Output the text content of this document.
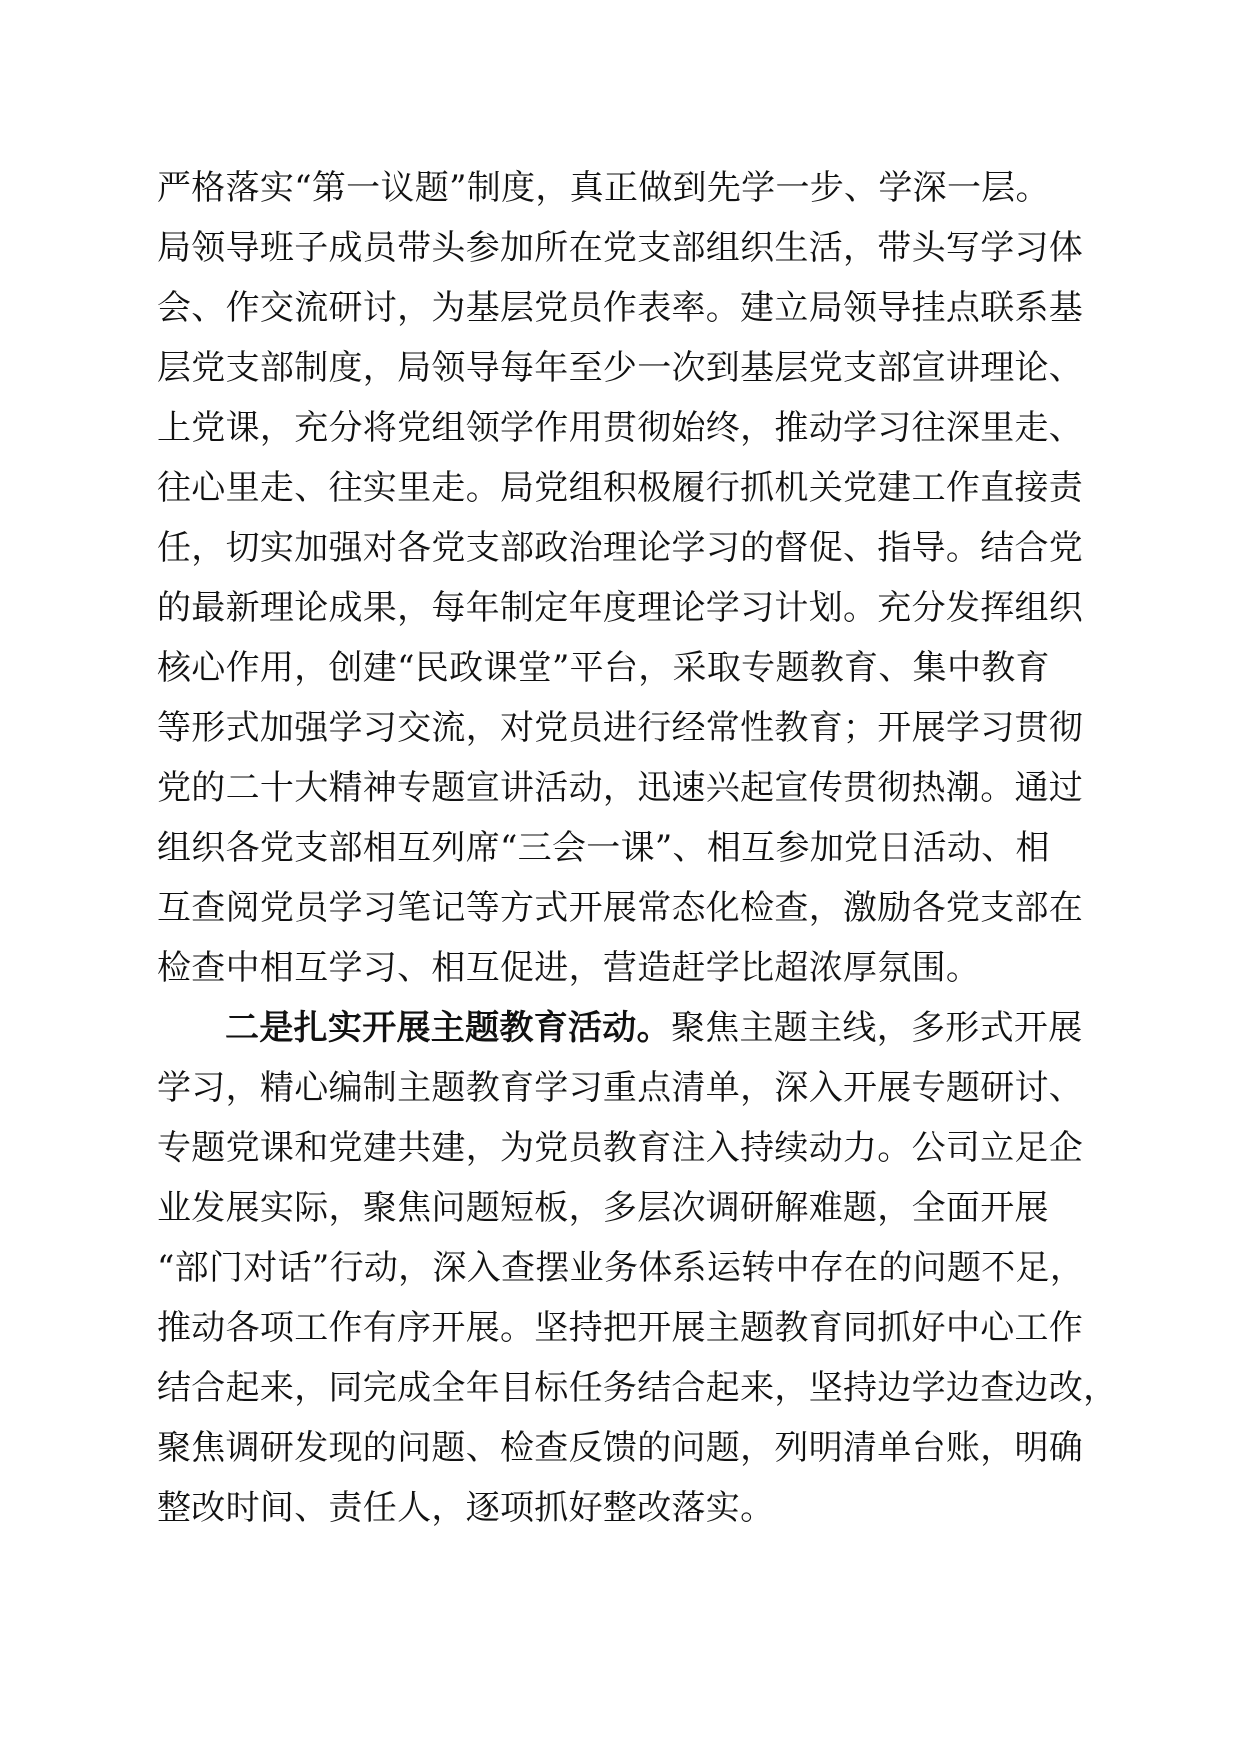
严格落实“第一议题”制度，真正做到先学一步、学深一层。
局领导班子成员带头参加所在党支部组织生活，带头写学习体
会、作交流研讨，为基层党员作表率。建立局领导挂点联系基
层党支部制度，局领导每年至少一次到基层党支部宣讲理论、
上党课，充分将党组领学作用贯彻始终，推动学习往深里走、
往心里走、往实里走。局党组积极履行抓机关党建工作直接责
任，切实加强对各党支部政治理论学习的督促、指导。结合党
的最新理论成果，每年制定年度理论学习计划。充分发挥组织
核心作用，创建“民政课堂”平台，采取专题教育、集中教育
等形式加强学习交流，对党员进行经常性教育；开展学习贯彻
党的二十大精神专题宣讲活动，迅速兴起宣传贯彻热潮。通过
组织各党支部相互列席“三会一课”、相互参加党日活动、相
互查阅党员学习笔记等方式开展常态化检查，激励各党支部在
检查中相互学习、相互促进，营造赶学比超浓厚氛围。
二是扎实开展主题教育活动。聚焦主题主线，多形式开展
学习，精心编制主题教育学习重点清单，深入开展专题研讨、
专题党课和党建共建，为党员教育注入持续动力。公司立足企
业发展实际，聚焦问题短板，多层次调研解难题，全面开展
“部门对话”行动，深入查摆业务体系运转中存在的问题不足，
推动各项工作有序开展。坚持把开展主题教育同抓好中心工作
结合起来，同完成全年目标任务结合起来，坚持边学边查边改，
聚焦调研发现的问题、检查反馈的问题，列明清单台账，明确
整改时间、责任人，逐项抓好整改落实。
